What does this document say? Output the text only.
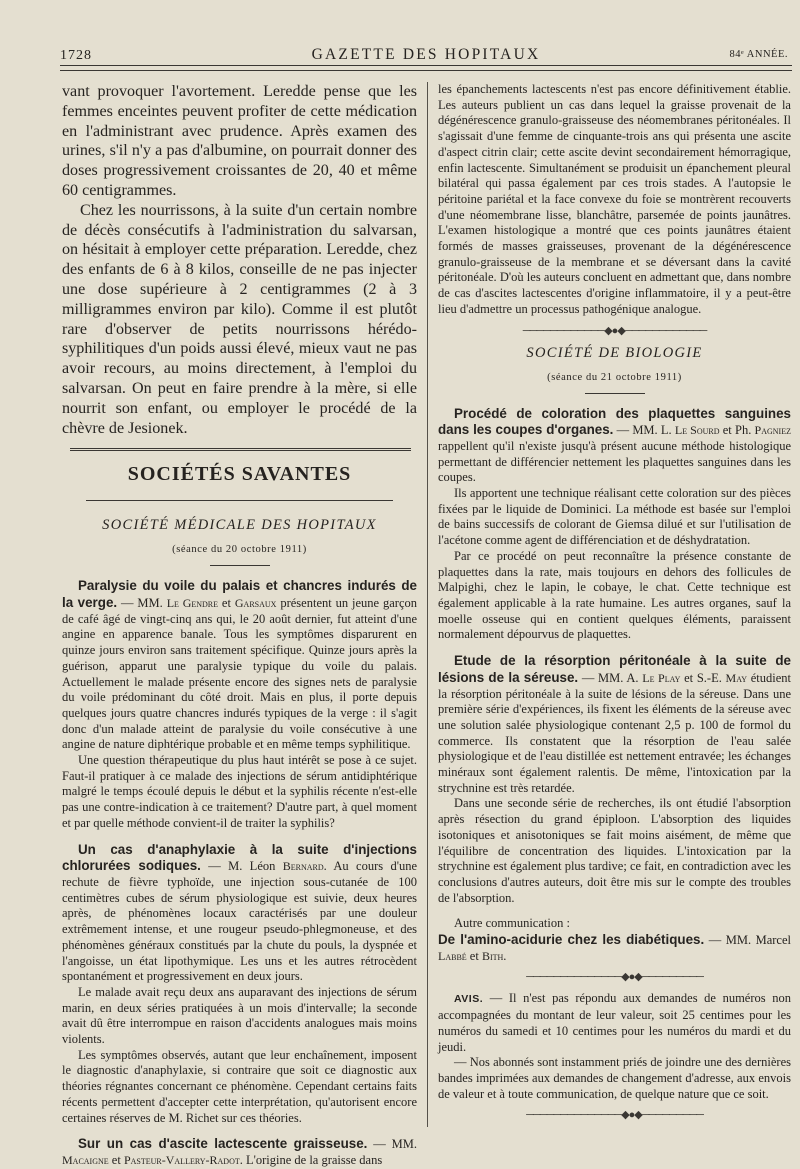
1728	GAZETTE DES HOPITAUX	84ᵉ ANNÉE.

vant provoquer l'avortement. Leredde pense que les femmes enceintes peuvent profiter de cette médication en l'administrant avec prudence. Après examen des urines, s'il n'y a pas d'albumine, on pourrait donner des doses progressivement croissantes de 20, 40 et même 60 centigrammes.

Chez les nourrissons, à la suite d'un certain nombre de décès consécutifs à l'administration du salvarsan, on hésitait à employer cette préparation. Leredde, chez des enfants de 6 à 8 kilos, conseille de ne pas injecter une dose supérieure à 2 centigrammes (2 à 3 milligrammes environ par kilo). Comme il est plutôt rare d'observer de petits nourrissons hérédo-syphilitiques d'un poids aussi élevé, mieux vaut ne pas avoir recours, au moins directement, à l'emploi du salvarsan. On peut en faire prendre à la mère, si elle nourrit son enfant, ou employer le procédé de la chèvre de Jesionek.

SOCIÉTÉS SAVANTES
SOCIÉTÉ MÉDICALE DES HOPITAUX
(séance du 20 octobre 1911)

Paralysie du voile du palais et chancres indurés de la verge. — MM. Le Gendre et Garsaux présentent un jeune garçon de café âgé de vingt-cinq ans qui, le 20 août dernier, fut atteint d'une angine en apparence banale. Tous les symptômes disparurent en quinze jours environ sans traitement spécifique. Quinze jours après la guérison, apparut une paralysie typique du voile du palais. Actuellement le malade présente encore des signes nets de paralysie du voile prédominant du côté droit. Mais en plus, il porte depuis quelques jours quatre chancres indurés typiques de la verge : il s'agit donc d'un malade atteint de paralysie du voile consécutive à une angine de nature diphtérique probable et en même temps syphilitique.

Une question thérapeutique du plus haut intérêt se pose à ce sujet. Faut-il pratiquer à ce malade des injections de sérum antidiphtérique malgré le temps écoulé depuis le début et la syphilis récente n'est-elle pas une contre-indication à ce traitement? D'autre part, à quel moment et par quelle méthode convient-il de traiter la syphilis?

Un cas d'anaphylaxie à la suite d'injections chlorurées sodiques. — M. Léon Bernard. Au cours d'une rechute de fièvre typhoïde, une injection sous-cutanée de 100 centimètres cubes de sérum physiologique est suivie, deux heures après, de phénomènes locaux caractérisés par une douleur extrêmement intense, et une rougeur pseudo-phlegmoneuse, et des phénomènes généraux constitués par la chute du pouls, la dyspnée et l'angoisse, un état lipothymique. Les uns et les autres rétrocèdent spontanément et progressivement en deux jours.

Le malade avait reçu deux ans auparavant des injections de sérum marin, en deux séries pratiquées à un mois d'intervalle; la seconde avait dû être interrompue en raison d'accidents analogues mais moins violents.

Les symptômes observés, autant que leur enchaînement, imposent le diagnostic d'anaphylaxie, si contraire que soit ce diagnostic aux théories régnantes concernant ce phénomène. Cependant certains faits récents permettent d'accepter cette interprétation, qu'autorisent encore certaines réserves de M. Richet sur ces théories.

Sur un cas d'ascite lactescente graisseuse. — MM. Macaigne et Pasteur-Vallery-Radot. L'origine de la graisse dans

les épanchements lactescents n'est pas encore définitivement établie. Les auteurs publient un cas dans lequel la graisse provenait de la dégénérescence granulo-graisseuse des néomembranes péritonéales. Il s'agissait d'une femme de cinquante-trois ans qui présenta une ascite d'aspect citrin clair; cette ascite devint secondairement hémorragique, enfin lactescente. Simultanément se produisit un épanchement pleural bilatéral qui passa également par ces trois stades. A l'autopsie le péritoine pariétal et la face convexe du foie se montrèrent recouverts d'une néomembrane lisse, blanchâtre, parsemée de points jaunâtres. L'examen histologique a montré que ces points jaunâtres étaient formés de masses graisseuses, provenant de la dégénérescence granulo-graisseuse de la membrane et se déversant dans la cavité péritonéale. D'où les auteurs concluent en admettant que, dans nombre de cas d'ascites lactescentes d'origine inflammatoire, il y a peut-être lieu d'admettre un processus pathogénique analogue.

────────────◆●◆────────────
SOCIÉTÉ DE BIOLOGIE
(séance du 21 octobre 1911)

Procédé de coloration des plaquettes sanguines dans les coupes d'organes. — MM. L. Le Sourd et Ph. Pagniez rappellent qu'il n'existe jusqu'à présent aucune méthode histologique permettant de différencier nettement les plaquettes sanguines dans les coupes.

Ils apportent une technique réalisant cette coloration sur des pièces fixées par le liquide de Dominici. La méthode est basée sur l'emploi de bains successifs de colorant de Giemsa dilué et sur l'utilisation de l'acétone comme agent de différenciation et de déshydratation.

Par ce procédé on peut reconnaître la présence constante de plaquettes dans la rate, mais toujours en dehors des follicules de Malpighi, chez le lapin, le cobaye, le chat. Cette technique est également applicable à la rate humaine. Les autres organes, sauf la moelle osseuse qui en contient quelques éléments, paraissent normalement dépourvus de plaquettes.

Etude de la résorption péritonéale à la suite de lésions de la séreuse. — MM. A. Le Play et S.-E. May étudient la résorption péritonéale à la suite de lésions de la séreuse. Dans une première série d'expériences, ils fixent les éléments de la séreuse avec une solution salée physiologique contenant 2,5 p. 100 de formol du commerce. Ils constatent que la résorption de l'eau salée physiologique et de l'eau distillée est nettement entravée; les échanges minéraux sont également ralentis. De même, l'intoxication par la strychnine est très retardée.

Dans une seconde série de recherches, ils ont étudié l'absorption après résection du grand épiploon. L'absorption des liquides isotoniques et anisotoniques se fait moins aisément, de même que l'équilibre de concentration des liquides. L'intoxication par la strychnine est également plus tardive; ce fait, en contradiction avec les conclusions d'autres auteurs, doit être mis sur le compte des troubles de l'absorption.

Autre communication :

De l'amino-acidurie chez les diabétiques. — MM. Marcel Labbé et Bith.

──────────────◆●◆─────────

AVIS. — Il n'est pas répondu aux demandes de numéros non accompagnées du montant de leur valeur, soit 25 centimes pour les numéros du samedi et 10 centimes pour les numéros du mardi et du jeudi.

— Nos abonnés sont instamment priés de joindre une des dernières bandes imprimées aux demandes de changement d'adresse, aux envois de valeur et à toute communication, de quelque nature que ce soit.

──────────────◆●◆─────────
